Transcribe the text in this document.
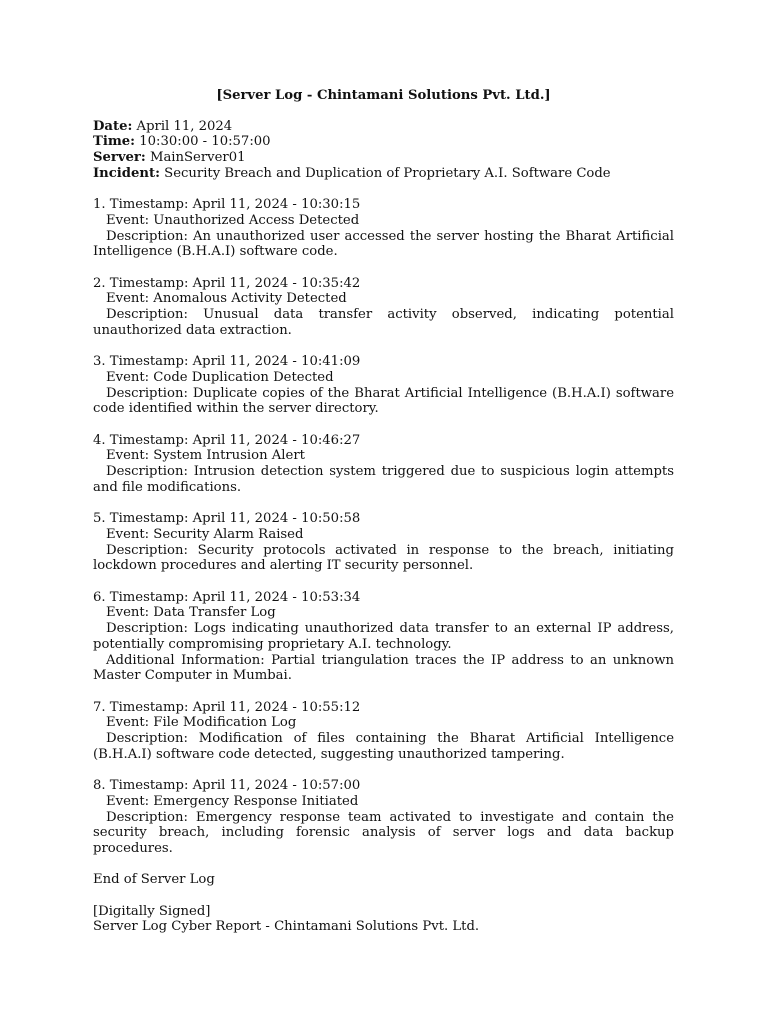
[Server Log - Chintamani Solutions Pvt. Ltd.]

Date: April 11, 2024

Time: 10:30:00 - 10:57:00

Server: MainServer01

Incident: Security Breach and Duplication of Proprietary A.I. Software Code

1. Timestamp: April 11, 2024 - 10:30:15

Event: Unauthorized Access Detected

Description: An unauthorized user accessed the server hosting the Bharat Artificial Intelligence (B.H.A.I) software code.

2. Timestamp: April 11, 2024 - 10:35:42

Event: Anomalous Activity Detected

Description: Unusual data transfer activity observed, indicating potential unauthorized data extraction.

3. Timestamp: April 11, 2024 - 10:41:09

Event: Code Duplication Detected

Description: Duplicate copies of the Bharat Artificial Intelligence (B.H.A.I) software code identified within the server directory.

4. Timestamp: April 11, 2024 - 10:46:27

Event: System Intrusion Alert

Description: Intrusion detection system triggered due to suspicious login attempts and file modifications.

5. Timestamp: April 11, 2024 - 10:50:58

Event: Security Alarm Raised

Description: Security protocols activated in response to the breach, initiating lockdown procedures and alerting IT security personnel.

6. Timestamp: April 11, 2024 - 10:53:34

Event: Data Transfer Log

Description: Logs indicating unauthorized data transfer to an external IP address, potentially compromising proprietary A.I. technology.

Additional Information: Partial triangulation traces the IP address to an unknown Master Computer in Mumbai.

7. Timestamp: April 11, 2024 - 10:55:12

Event: File Modification Log

Description: Modification of files containing the Bharat Artificial Intelligence (B.H.A.I) software code detected, suggesting unauthorized tampering.

8. Timestamp: April 11, 2024 - 10:57:00

Event: Emergency Response Initiated

Description: Emergency response team activated to investigate and contain the security breach, including forensic analysis of server logs and data backup procedures.

End of Server Log

[Digitally Signed]

Server Log Cyber Report - Chintamani Solutions Pvt. Ltd.
